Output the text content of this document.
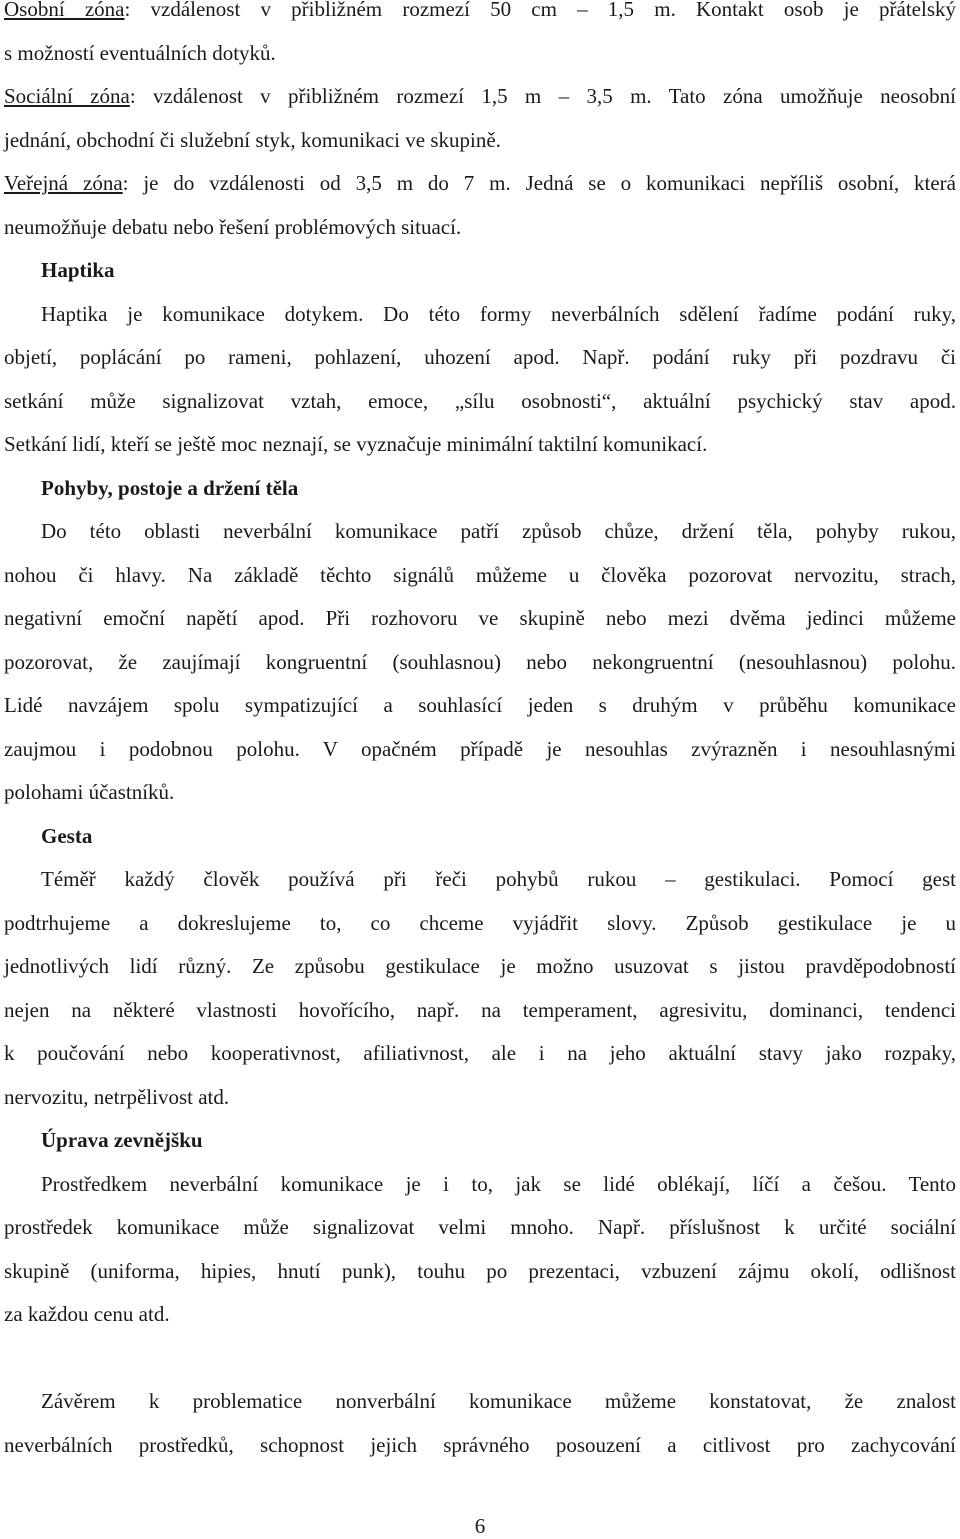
Osobní zóna: vzdálenost v přibližném rozmezí 50 cm – 1,5 m. Kontakt osob je přátelský
s možností eventuálních dotyků.
Sociální zóna: vzdálenost v přibližném rozmezí 1,5 m – 3,5 m. Tato zóna umožňuje neosobní
jednání, obchodní či služební styk, komunikaci ve skupině.
Veřejná zóna: je do vzdálenosti od 3,5 m do 7 m. Jedná se o komunikaci nepříliš osobní, která
neumožňuje debatu nebo řešení problémových situací.
Haptika
Haptika je komunikace dotykem. Do této formy neverbálních sdělení řadíme podání ruky,
objetí, poplácání po rameni, pohlazení, uhození apod. Např. podání ruky při pozdravu či
setkání může signalizovat vztah, emoce, „sílu osobnosti“, aktuální psychický stav apod.
Setkání lidí, kteří se ještě moc neznají, se vyznačuje minimální taktilní komunikací.
Pohyby, postoje a držení těla
Do této oblasti neverbální komunikace patří způsob chůze, držení těla, pohyby rukou,
nohou či hlavy. Na základě těchto signálů můžeme u člověka pozorovat nervozitu, strach,
negativní emoční napětí apod. Při rozhovoru ve skupině nebo mezi dvěma jedinci můžeme
pozorovat, že zaujímají kongruentní (souhlasnou) nebo nekongruentní (nesouhlasnou) polohu.
Lidé navzájem spolu sympatizující a souhlasící jeden s druhým v průběhu komunikace
zaujmou i podobnou polohu. V opačném případě je nesouhlas zvýrazněn i nesouhlasnými
polohami účastníků.
Gesta
Téměř každý člověk používá při řeči pohybů rukou – gestikulaci. Pomocí gest
podtrhujeme a dokreslujeme to, co chceme vyjádřit slovy. Způsob gestikulace je u
jednotlivých lidí různý. Ze způsobu gestikulace je možno usuzovat s jistou pravděpodobností
nejen na některé vlastnosti hovořícího, např. na temperament, agresivitu, dominanci, tendenci
k poučování nebo kooperativnost, afiliativnost, ale i na jeho aktuální stavy jako rozpaky,
nervozitu, netrpělivost atd.
Úprava zevnějšku
Prostředkem neverbální komunikace je i to, jak se lidé oblékají, líčí a češou. Tento
prostředek komunikace může signalizovat velmi mnoho. Např. příslušnost k určité sociální
skupině (uniforma, hipies, hnutí punk), touhu po prezentaci, vzbuzení zájmu okolí, odlišnost
za každou cenu atd.
Závěrem k problematice nonverbální komunikace můžeme konstatovat, že znalost
neverbálních prostředků, schopnost jejich správného posouzení a citlivost pro zachycování
6
